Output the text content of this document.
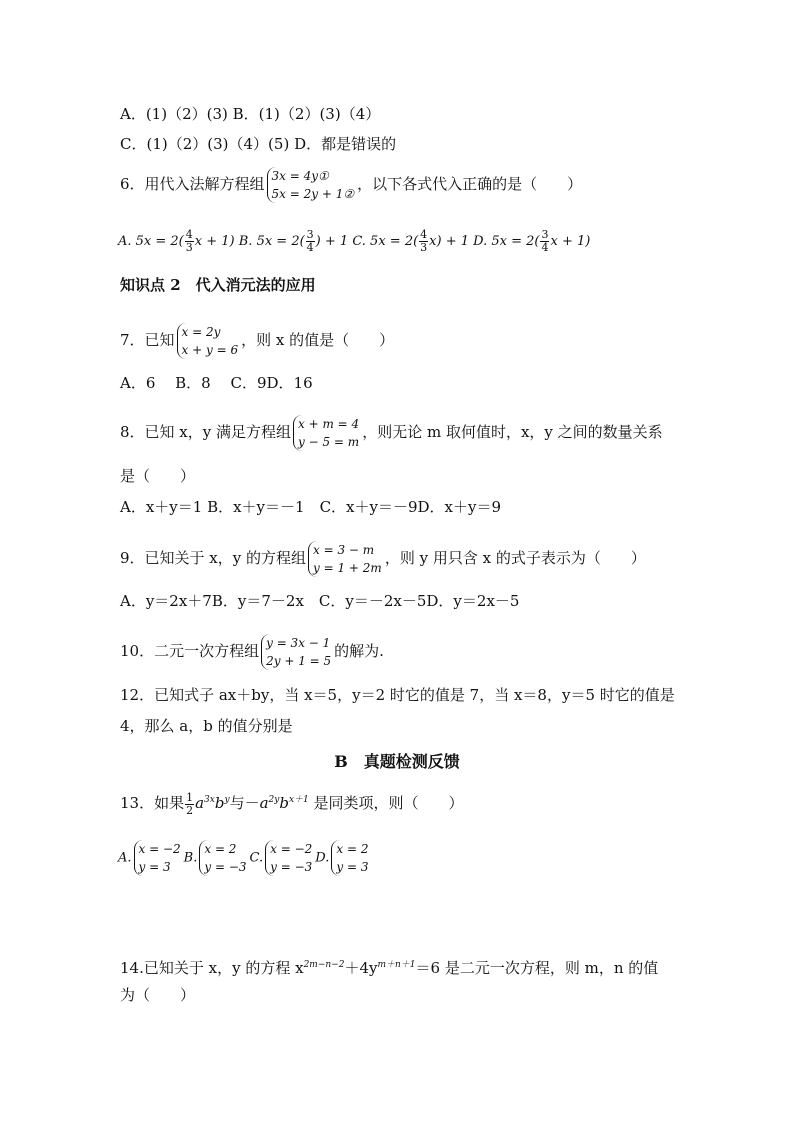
A．(1)（2）(3) B．(1)（2）(3)（4）
C．(1)（2）(3)（4）(5) D．都是错误的
6．用代入法解方程组 3x = 4y①
5x = 2y + 1②
，以下各式代入正确的是（　　）
A. $5x = 2( \frac{4}{3}$ x + 1) B. $5x = 2( \frac{3}{4}$ ) + 1 C. $5x = 2( \frac{4}{3} x) + 1$ D. $5x = 2( \frac{3}{4}$ x + 1)
知识点 2　代入消元法的应用
7．已知 x = 2y
x + y = 6
，则 x 的值是（　　）
A．6　 B．8　 C．9D．16
8．已知 x，y 满足方程组 x + m = 4
y − 5 = m
，则无论 m 取何值时，x，y 之间的数量关系
是（　　）
A．x＋y＝1 B．x＋y＝－1　C．x＋y＝－9D．x＋y＝9
9．已知关于 x，y 的方程组 x = 3 − m
y = 1 + 2m
，则 y 用只含 x 的式子表示为（　　）
A．y＝2x＋7B．y＝7－2x　C．y＝－2x－5D．y＝2x－5
10．二元一次方程组 y = 3x − 1
2y + 1 = 5
的解为.
12．已知式子 ax＋by，当 x＝5，y＝2 时它的值是 7，当 x＝8，y＝5 时它的值是
4，那么 a，b 的值分别是
B　真题检测反馈
13．如果 $\frac{1}{2} a^{3x}b^y$与$-a^{2y}b^{x+1}$ 是同类项，则（　　）
A.
x = −2
y = 3
B.
x = 2
y = −3
C.
x = −2
y = −3
D.
x = 2
y = 3
14.已知关于 x，y 的方程 $x^{2m-n-2}+4y^{m+n+1}=6$ 是二元一次方程，则 m，n 的值
为（　　）
